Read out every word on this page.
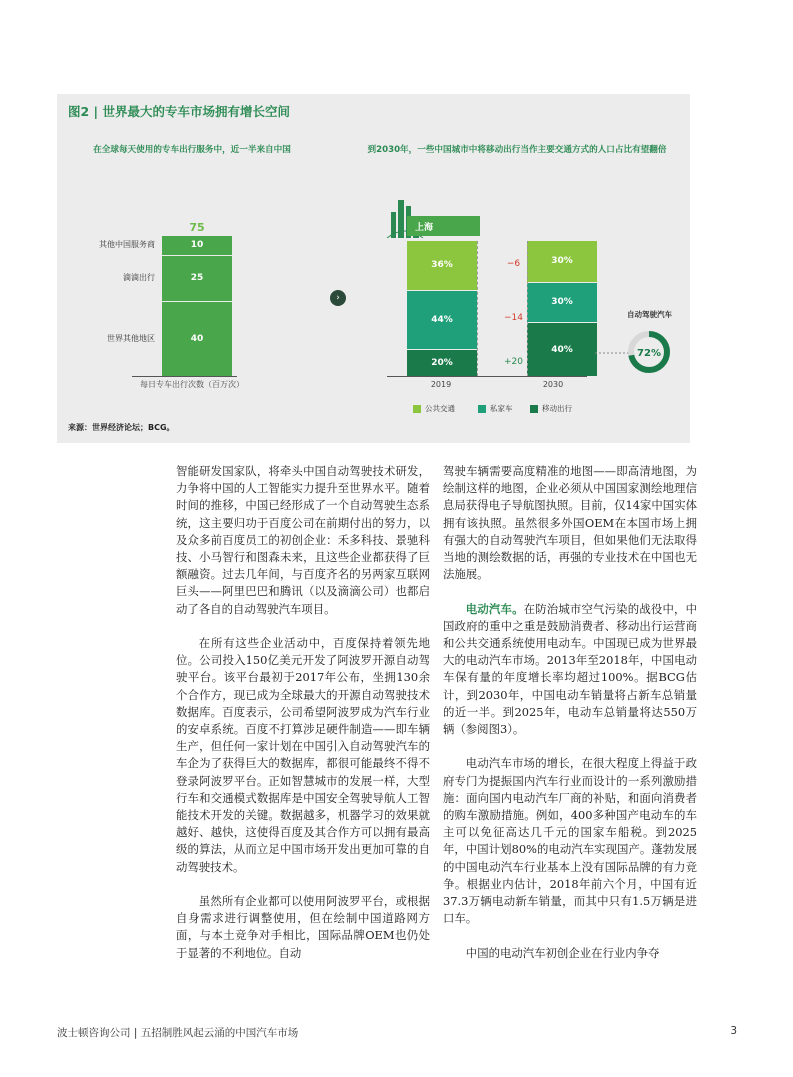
图2 | 世界最大的专车市场拥有增长空间
在全球每天使用的专车出行服务中，近一半来自中国	到2030年，一些中国城市中将移动出行当作主要交通方式的人口占比有望翻倍
75
10
25
40
其他中国服务商
滴滴出行
世界其他地区
每日专车出行次数（百万次）
›
上海
36%
44%
20%
30%
30%
40%
−6
−14
+20
2019	2030
自动驾驶汽车
72%
公共交通	私家车	移动出行
来源：世界经济论坛；BCG。

智能研发国家队，将牵头中国自动驾驶技术研发，力争将中国的人工智能实力提升至世界水平。随着时间的推移，中国已经形成了一个自动驾驶生态系统，这主要归功于百度公司在前期付出的努力，以及众多前百度员工的初创企业：禾多科技、景驰科技、小马智行和图森未来，且这些企业都获得了巨额融资。过去几年间，与百度齐名的另两家互联网巨头——阿里巴巴和腾讯（以及滴滴公司）也都启动了各自的自动驾驶汽车项目。

在所有这些企业活动中，百度保持着领先地位。公司投入150亿美元开发了阿波罗开源自动驾驶平台。该平台最初于2017年公布，坐拥130余个合作方，现已成为全球最大的开源自动驾驶技术数据库。百度表示，公司希望阿波罗成为汽车行业的安卓系统。百度不打算涉足硬件制造——即车辆生产，但任何一家计划在中国引入自动驾驶汽车的车企为了获得巨大的数据库，都很可能最终不得不登录阿波罗平台。正如智慧城市的发展一样，大型行车和交通模式数据库是中国安全驾驶导航人工智能技术开发的关键。数据越多，机器学习的效果就越好、越快，这使得百度及其合作方可以拥有最高级的算法，从而立足中国市场开发出更加可靠的自动驾驶技术。

虽然所有企业都可以使用阿波罗平台，或根据自身需求进行调整使用，但在绘制中国道路网方面，与本土竞争对手相比，国际品牌OEM也仍处于显著的不利地位。自动

驾驶车辆需要高度精准的地图——即高清地图，为绘制这样的地图，企业必须从中国国家测绘地理信息局获得电子导航图执照。目前，仅14家中国实体拥有该执照。虽然很多外国OEM在本国市场上拥有强大的自动驾驶汽车项目，但如果他们无法取得当地的测绘数据的话，再强的专业技术在中国也无法施展。

电动汽车。在防治城市空气污染的战役中，中国政府的重中之重是鼓励消费者、移动出行运营商和公共交通系统使用电动车。中国现已成为世界最大的电动汽车市场。2013年至2018年，中国电动车保有量的年度增长率均超过100%。据BCG估计，到2030年，中国电动车销量将占新车总销量的近一半。到2025年，电动车总销量将达550万辆（参阅图3）。

电动汽车市场的增长，在很大程度上得益于政府专门为提振国内汽车行业而设计的一系列激励措施：面向国内电动汽车厂商的补贴，和面向消费者的购车激励措施。例如，400多种国产电动车的车主可以免征高达几千元的国家车船税。到2025年，中国计划80%的电动汽车实现国产。蓬勃发展的中国电动汽车行业基本上没有国际品牌的有力竞争。根据业内估计，2018年前六个月，中国有近37.3万辆电动新车销量，而其中只有1.5万辆是进口车。

中国的电动汽车初创企业在行业内争夺

波士顿咨询公司 | 五招制胜风起云涌的中国汽车市场	3
